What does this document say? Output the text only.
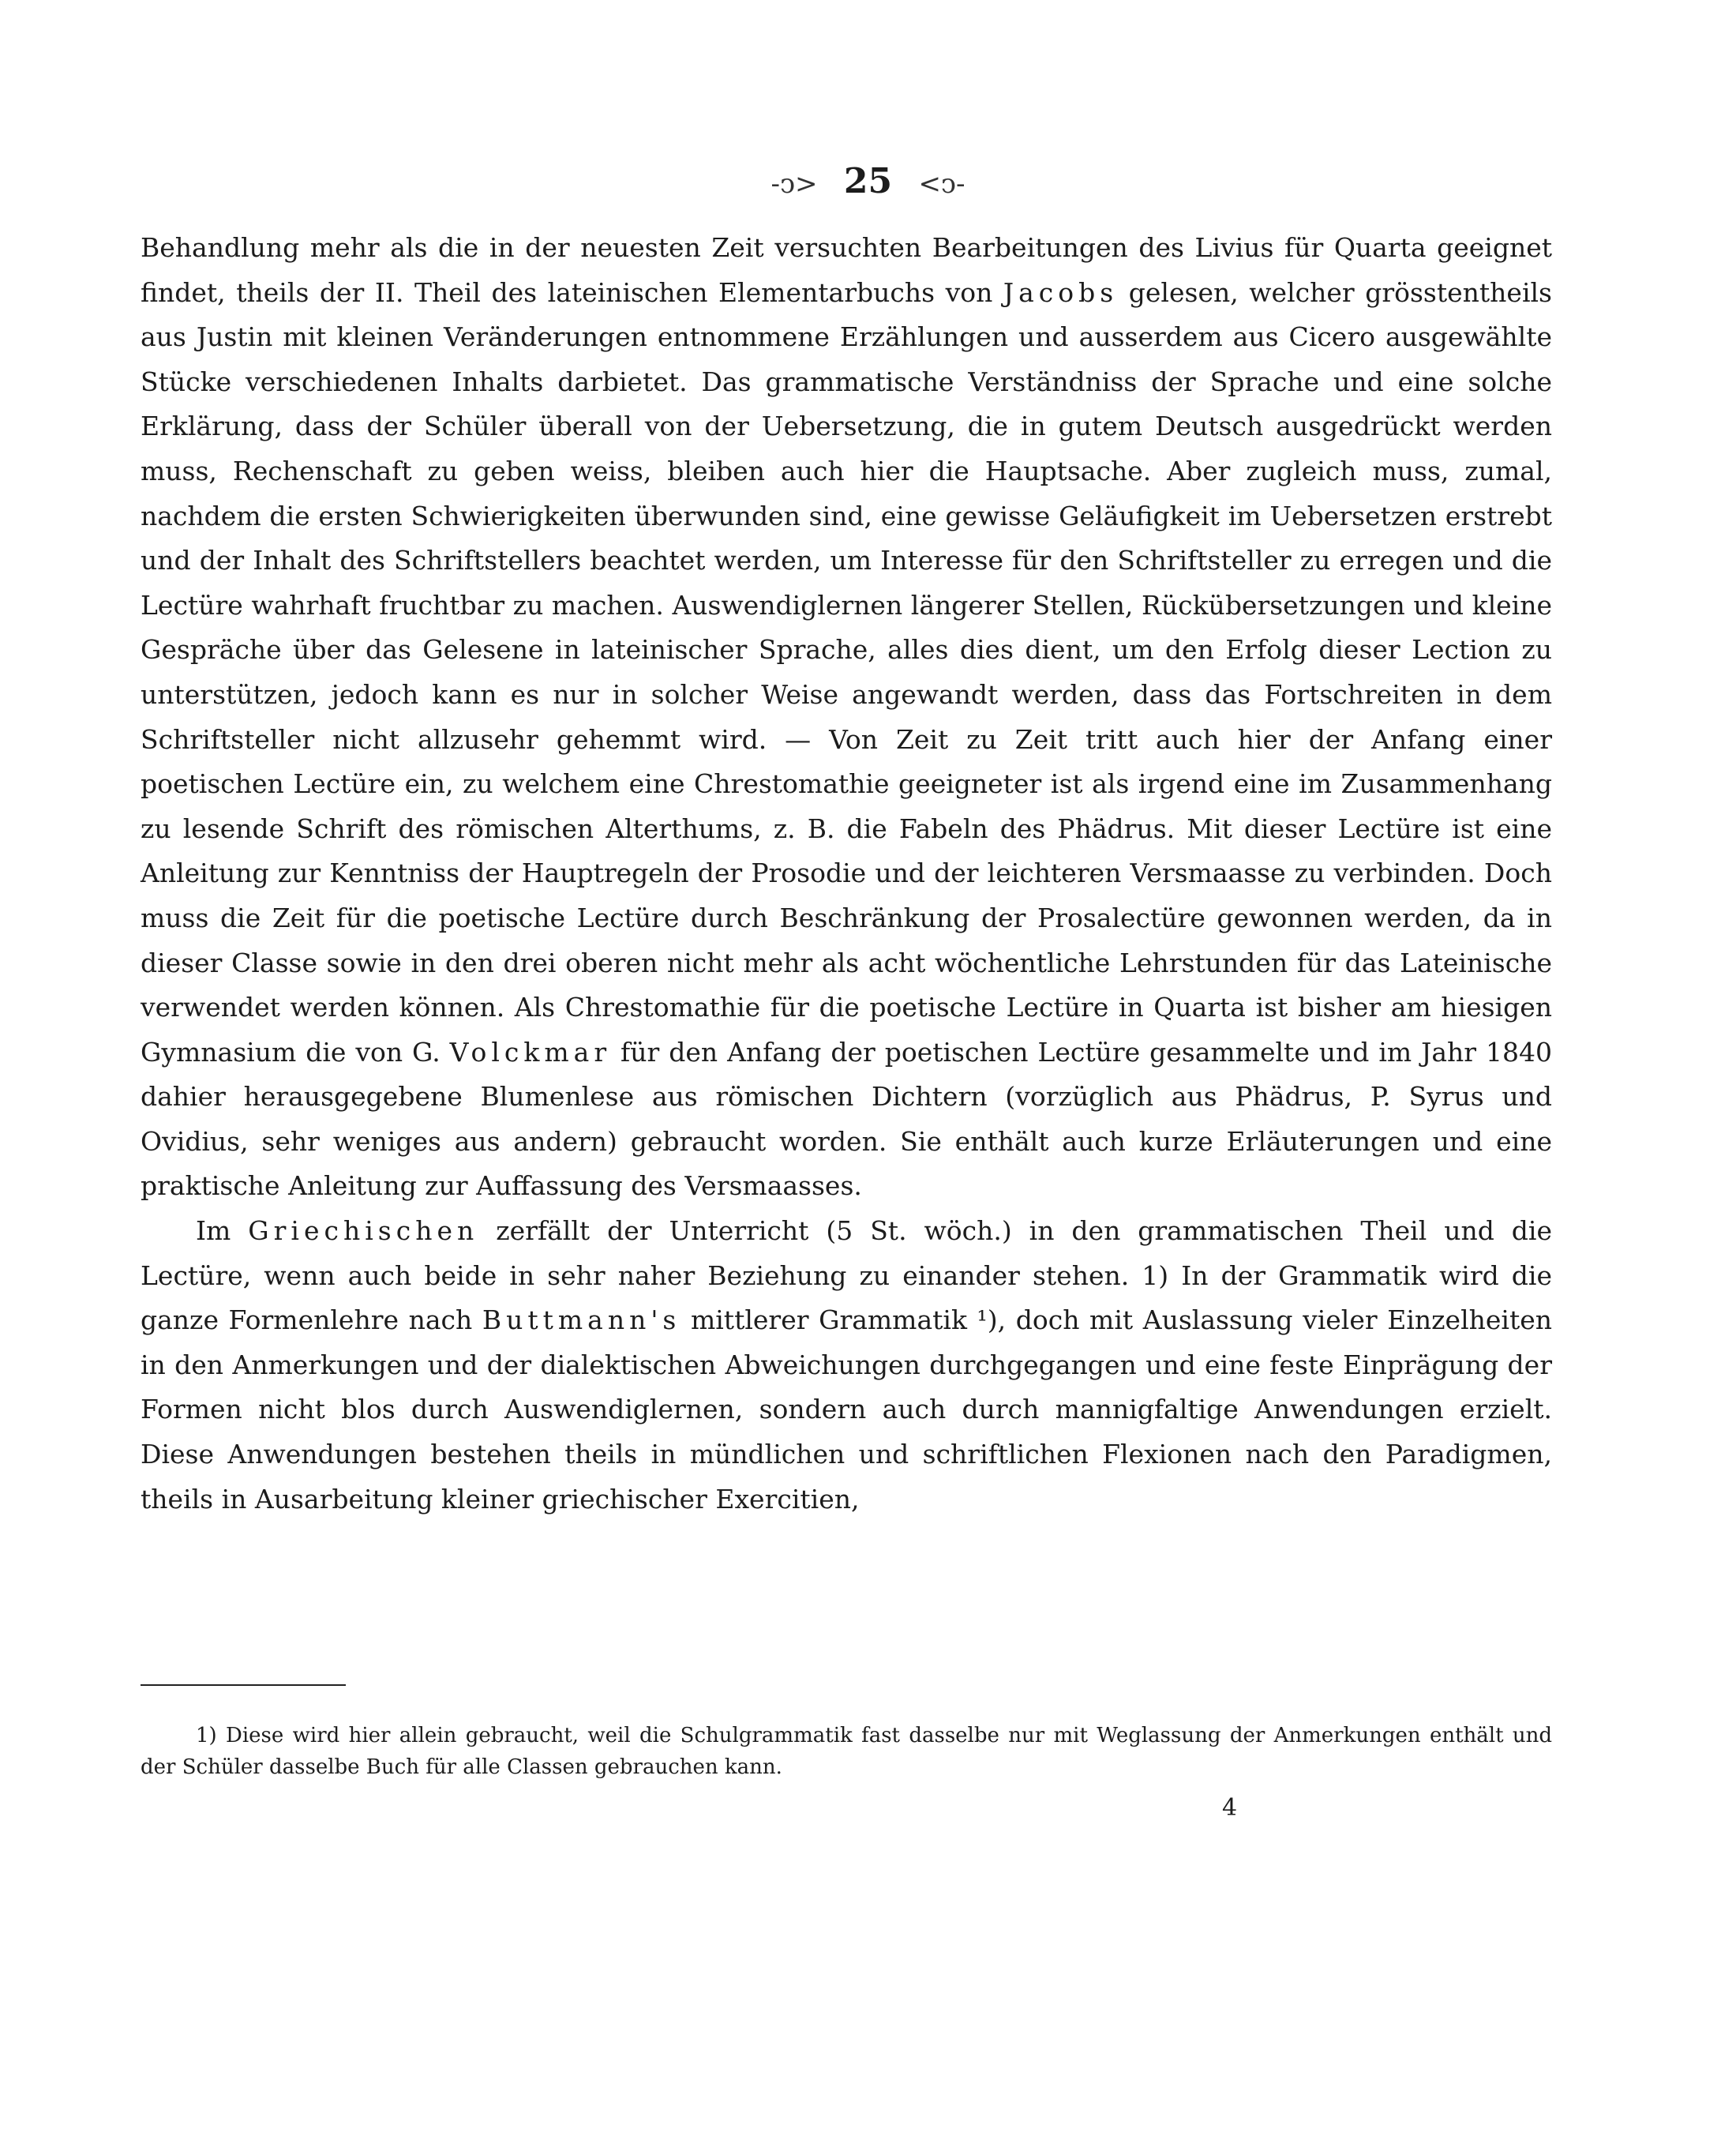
-ↄ> 25 <ↄ-

Behandlung mehr als die in der neuesten Zeit versuchten Bearbeitungen des Livius für Quarta geeignet findet, theils der II. Theil des lateinischen Elementarbuchs von Jacobs gelesen, welcher grösstentheils aus Justin mit kleinen Veränderungen entnommene Erzählungen und ausserdem aus Cicero ausgewählte Stücke verschiedenen Inhalts darbietet. Das grammatische Verständniss der Sprache und eine solche Erklärung, dass der Schüler überall von der Uebersetzung, die in gutem Deutsch ausgedrückt werden muss, Rechenschaft zu geben weiss, bleiben auch hier die Hauptsache. Aber zugleich muss, zumal, nachdem die ersten Schwierigkeiten überwunden sind, eine gewisse Geläufigkeit im Uebersetzen erstrebt und der Inhalt des Schriftstellers beachtet werden, um Interesse für den Schriftsteller zu erregen und die Lectüre wahrhaft fruchtbar zu machen. Auswendiglernen längerer Stellen, Rückübersetzungen und kleine Gespräche über das Gelesene in lateinischer Sprache, alles dies dient, um den Erfolg dieser Lection zu unterstützen, jedoch kann es nur in solcher Weise angewandt werden, dass das Fortschreiten in dem Schriftsteller nicht allzusehr gehemmt wird. — Von Zeit zu Zeit tritt auch hier der Anfang einer poetischen Lectüre ein, zu welchem eine Chrestomathie geeigneter ist als irgend eine im Zusammenhang zu lesende Schrift des römischen Alterthums, z. B. die Fabeln des Phädrus. Mit dieser Lectüre ist eine Anleitung zur Kenntniss der Hauptregeln der Prosodie und der leichteren Versmaasse zu verbinden. Doch muss die Zeit für die poetische Lectüre durch Beschränkung der Prosalectüre gewonnen werden, da in dieser Classe sowie in den drei oberen nicht mehr als acht wöchentliche Lehrstunden für das Lateinische verwendet werden können. Als Chrestomathie für die poetische Lectüre in Quarta ist bisher am hiesigen Gymnasium die von G. Volckmar für den Anfang der poetischen Lectüre gesammelte und im Jahr 1840 dahier herausgegebene Blumenlese aus römischen Dichtern (vorzüglich aus Phädrus, P. Syrus und Ovidius, sehr weniges aus andern) gebraucht worden. Sie enthält auch kurze Erläuterungen und eine praktische Anleitung zur Auffassung des Versmaasses.

Im Griechischen zerfällt der Unterricht (5 St. wöch.) in den grammatischen Theil und die Lectüre, wenn auch beide in sehr naher Beziehung zu einander stehen. 1) In der Grammatik wird die ganze Formenlehre nach Buttmann's mittlerer Grammatik ¹), doch mit Auslassung vieler Einzelheiten in den Anmerkungen und der dialektischen Abweichungen durchgegangen und eine feste Einprägung der Formen nicht blos durch Auswendiglernen, sondern auch durch mannigfaltige Anwendungen erzielt. Diese Anwendungen bestehen theils in mündlichen und schriftlichen Flexionen nach den Paradigmen, theils in Ausarbeitung kleiner griechischer Exercitien,

1) Diese wird hier allein gebraucht, weil die Schulgrammatik fast dasselbe nur mit Weglassung der Anmerkungen enthält und der Schüler dasselbe Buch für alle Classen gebrauchen kann.

4
